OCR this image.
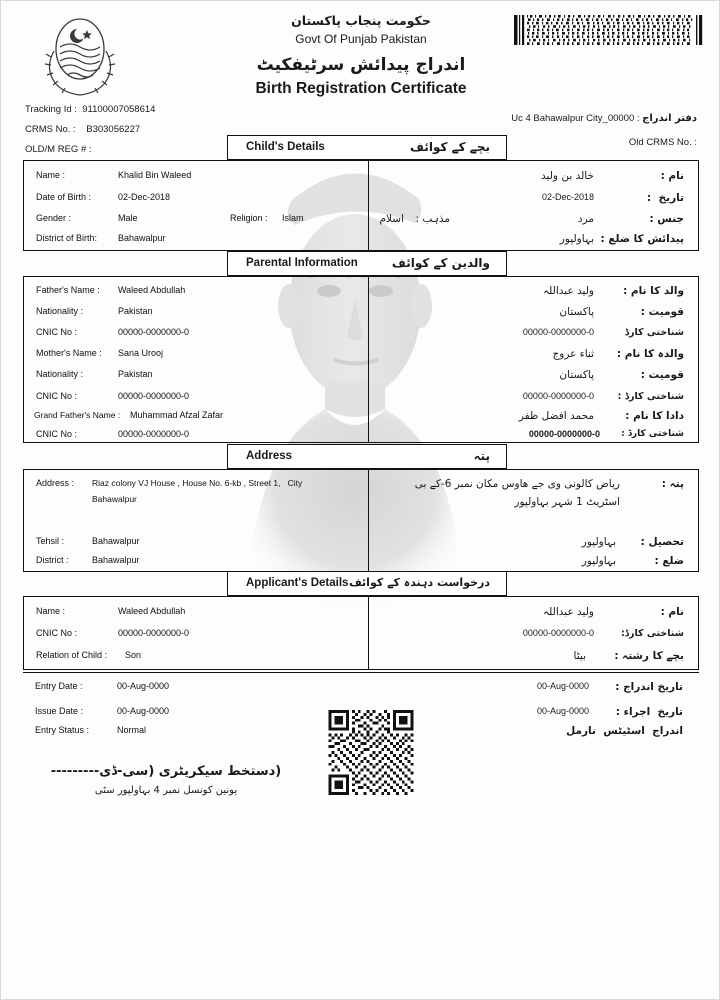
حکومت پنجاب پاکستان
Govt Of Punjab Pakistan
اندراج پیدائش سرٹیفکیٹ
Birth Registration Certificate
Tracking Id : 91100007058614
CRMS No. : B303056227
OLD/M REG # :
Uc 4 Bahawalpur City_00000 : دفتر اندراج
Old CRMS No. :
Child's Details	بچے کے کوائف
Name :	Khalid Bin Waleed	نام :
خالد بن ولید
Date of Birth :	02-Dec-2018	تاریخ  :
02-Dec-2018
Gender :	Male	Religion : Islam	جنس :
مرد
مذہب :
اسلام
District of Birth: Bahawalpur	پیدائش کا ضلع :
بہاولپور
Parental Information	والدین کے کوائف
Father's Name : Waleed Abdullah	والد کا نام :
ولید عبداللہ
Nationality :	Pakistan	قومیت :
پاکستان
CNIC No :	00000-0000000-0	شناختی کارڈ
00000-0000000-0
Mother's Name : Sana Urooj	والدہ کا نام :
ثناء عروج
Nationality :	Pakistan	قومیت :
پاکستان
CNIC No :	00000-0000000-0	شناختی کارڈ :
00000-0000000-0
Grand Father's Name : Muhammad Afzal Zafar	دادا کا نام :
محمد افضل ظفر
CNIC No :	00000-0000000-0	شناختی کارڈ :
00000-0000000-0
Address	پتہ
Address : Riaz colony VJ House , House No. 6-kb , Street 1,   City
Bahawalpur
پتہ :
ریاض کالونی وی جے ھاوس مکان نمبر 6-کے بی
اسٹریٹ 1 شہر بہاولپور
Tehsil :	Bahawalpur	تحصیل :
بہاولپور
District :	Bahawalpur	ضلع :
بہاولپور
Applicant's Details درخواست دہندہ کے کوائف
Name :	Waleed Abdullah	نام :
ولید عبداللہ
CNIC No :	00000-0000000-0	شناختی کارڈ:
00000-0000000-0
Relation of Child : Son	بچے کا رشتہ :
بیٹا
Entry Date :	00-Aug-0000	تاریخ اندراج :
00-Aug-0000
Issue Date :	00-Aug-0000	تاریخ  اجراء :
00-Aug-0000
Entry Status :	Normal	اندراج  اسٹیٹس  نارمل
(دستخط سیکریٹری (سی-ڈی---------
یونین کونسل نمبر 4 بہاولپور سٹی
